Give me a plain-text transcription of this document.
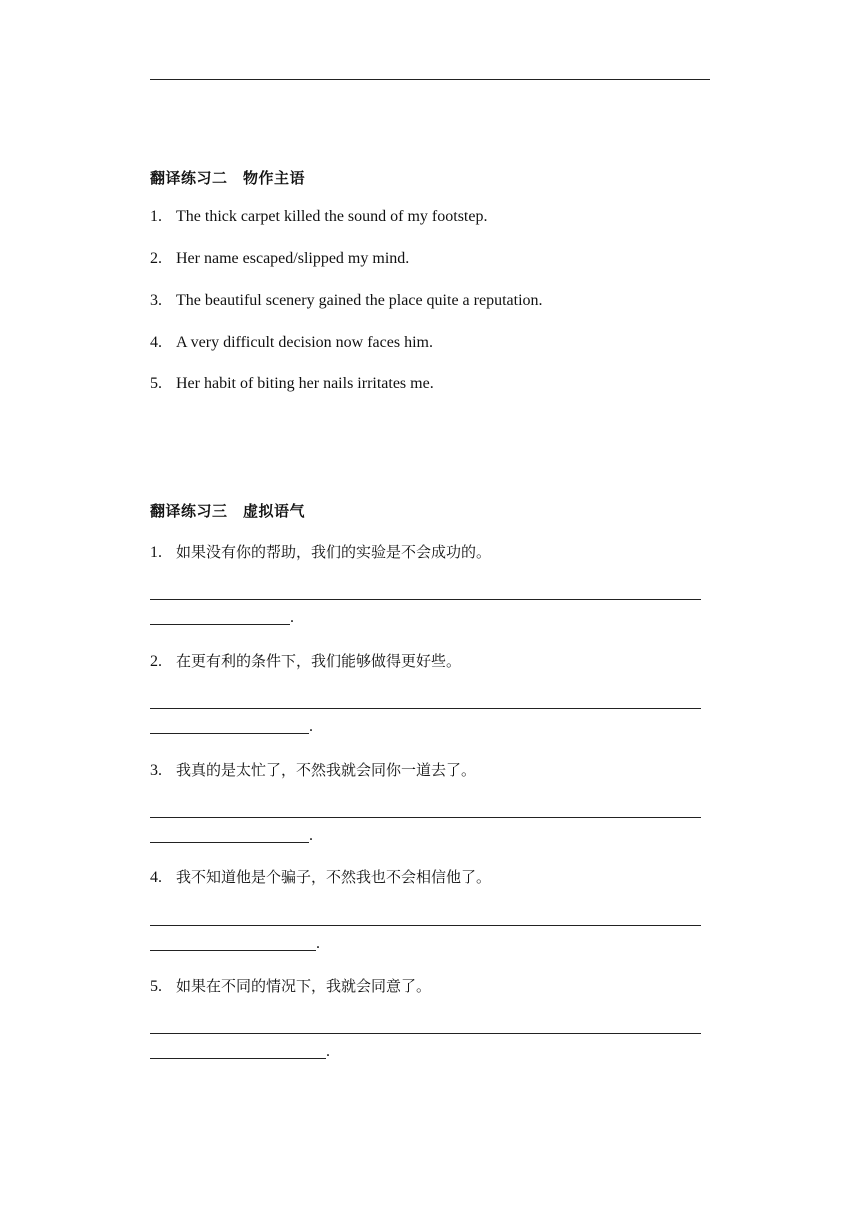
翻译练习二　物作主语
1. The thick carpet killed the sound of my footstep.
2. Her name escaped/slipped my mind.
3. The beautiful scenery gained the place quite a reputation.
4. A very difficult decision now faces him.
5. Her habit of biting her nails irritates me.
翻译练习三　虚拟语气
1. 如果没有你的帮助，我们的实验是不会成功的。
.
2. 在更有利的条件下，我们能够做得更好些。
.
3. 我真的是太忙了，不然我就会同你一道去了。
.
4. 我不知道他是个骗子，不然我也不会相信他了。
.
5. 如果在不同的情况下，我就会同意了。
.
